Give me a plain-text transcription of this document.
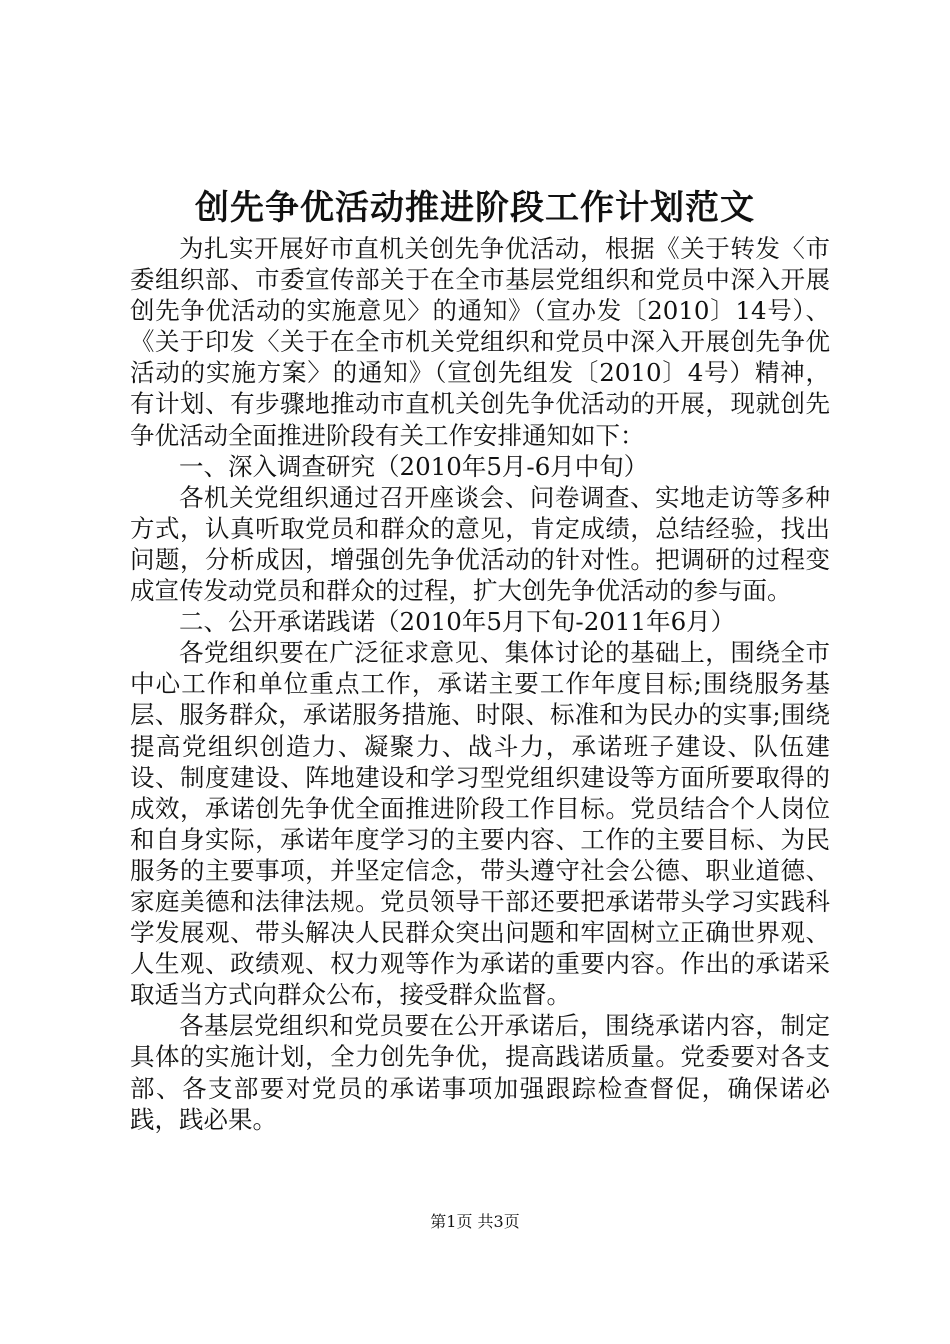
创先争优活动推进阶段工作计划范文

为扎实开展好市直机关创先争优活动，根据《关于转发〈市委组织部、市委宣传部关于在全市基层党组织和党员中深入开展创先争优活动的实施意见〉的通知》（宣办发〔2010〕14号）、《关于印发〈关于在全市机关党组织和党员中深入开展创先争优活动的实施方案〉的通知》（宣创先组发〔2010〕4号）精神，有计划、有步骤地推动市直机关创先争优活动的开展，现就创先争优活动全面推进阶段有关工作安排通知如下：

一、深入调查研究（2010年5月-6月中旬）

各机关党组织通过召开座谈会、问卷调查、实地走访等多种方式，认真听取党员和群众的意见，肯定成绩，总结经验，找出问题，分析成因，增强创先争优活动的针对性。把调研的过程变成宣传发动党员和群众的过程，扩大创先争优活动的参与面。

二、公开承诺践诺（2010年5月下旬-2011年6月）

各党组织要在广泛征求意见、集体讨论的基础上，围绕全市中心工作和单位重点工作，承诺主要工作年度目标;围绕服务基层、服务群众，承诺服务措施、时限、标准和为民办的实事;围绕提高党组织创造力、凝聚力、战斗力，承诺班子建设、队伍建设、制度建设、阵地建设和学习型党组织建设等方面所要取得的成效，承诺创先争优全面推进阶段工作目标。党员结合个人岗位和自身实际，承诺年度学习的主要内容、工作的主要目标、为民服务的主要事项，并坚定信念，带头遵守社会公德、职业道德、家庭美德和法律法规。党员领导干部还要把承诺带头学习实践科学发展观、带头解决人民群众突出问题和牢固树立正确世界观、人生观、政绩观、权力观等作为承诺的重要内容。作出的承诺采取适当方式向群众公布，接受群众监督。

各基层党组织和党员要在公开承诺后，围绕承诺内容，制定具体的实施计划，全力创先争优，提高践诺质量。党委要对各支部、各支部要对党员的承诺事项加强跟踪检查督促，确保诺必践，践必果。

第1页 共3页
